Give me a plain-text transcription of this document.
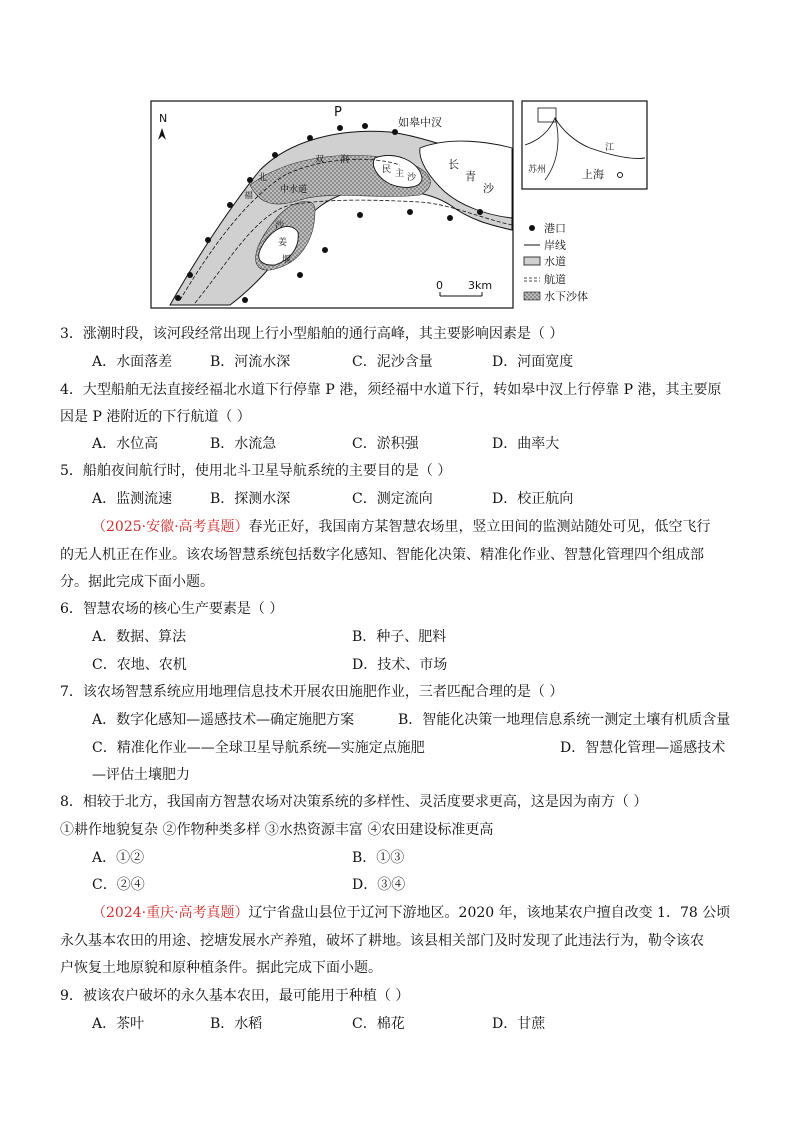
N	P
如皋中汊
长
青
沙
民 主 沙
双 涧
北
福
中水道
沙
姜
堰
0 3km
苏州
江
上海
港口
岸线
水道
航道
水下沙体
3．涨潮时段，该河段经常出现上行小型船舶的通行高峰，其主要影响因素是（ ）
A．水面落差	B．河流水深	C．泥沙含量	D．河面宽度
4．大型船舶无法直接经福北水道下行停靠 P 港，须经福中水道下行，转如皋中汊上行停靠 P 港，其主要原
因是 P 港附近的下行航道（ ）
A．水位高	B．水流急	C．淤积强	D．曲率大
5．船舶夜间航行时，使用北斗卫星导航系统的主要目的是（ ）
A．监测流速	B．探测水深	C．测定流向	D．校正航向
（2025·安徽·高考真题）春光正好，我国南方某智慧农场里，竖立田间的监测站随处可见，低空飞行
的无人机正在作业。该农场智慧系统包括数字化感知、智能化决策、精准化作业、智慧化管理四个组成部
分。据此完成下面小题。
6．智慧农场的核心生产要素是（ ）
A．数据、算法	B．种子、肥料
C．农地、农机	D．技术、市场
7．该农场智慧系统应用地理信息技术开展农田施肥作业，三者匹配合理的是（ ）
A．数字化感知—遥感技术—确定施肥方案	B．智能化决策一地理信息系统一测定土壤有机质含量
C．精准化作业——全球卫星导航系统—实施定点施肥	D．智慧化管理—遥感技术
—评估土壤肥力
8．相较于北方，我国南方智慧农场对决策系统的多样性、灵活度要求更高，这是因为南方（ ）
①耕作地貌复杂 ②作物种类多样 ③水热资源丰富 ④农田建设标准更高
A．①②	B．①③
C．②④	D．③④
（2024·重庆·高考真题）辽宁省盘山县位于辽河下游地区。2020 年，该地某农户擅自改变 1．78 公顷
永久基本农田的用途、挖塘发展水产养殖，破坏了耕地。该县相关部门及时发现了此违法行为，勒令该农
户恢复土地原貌和原种植条件。据此完成下面小题。
9．被该农户破坏的永久基本农田，最可能用于种植（ ）
A．茶叶	B．水稻	C．棉花	D．甘蔗
